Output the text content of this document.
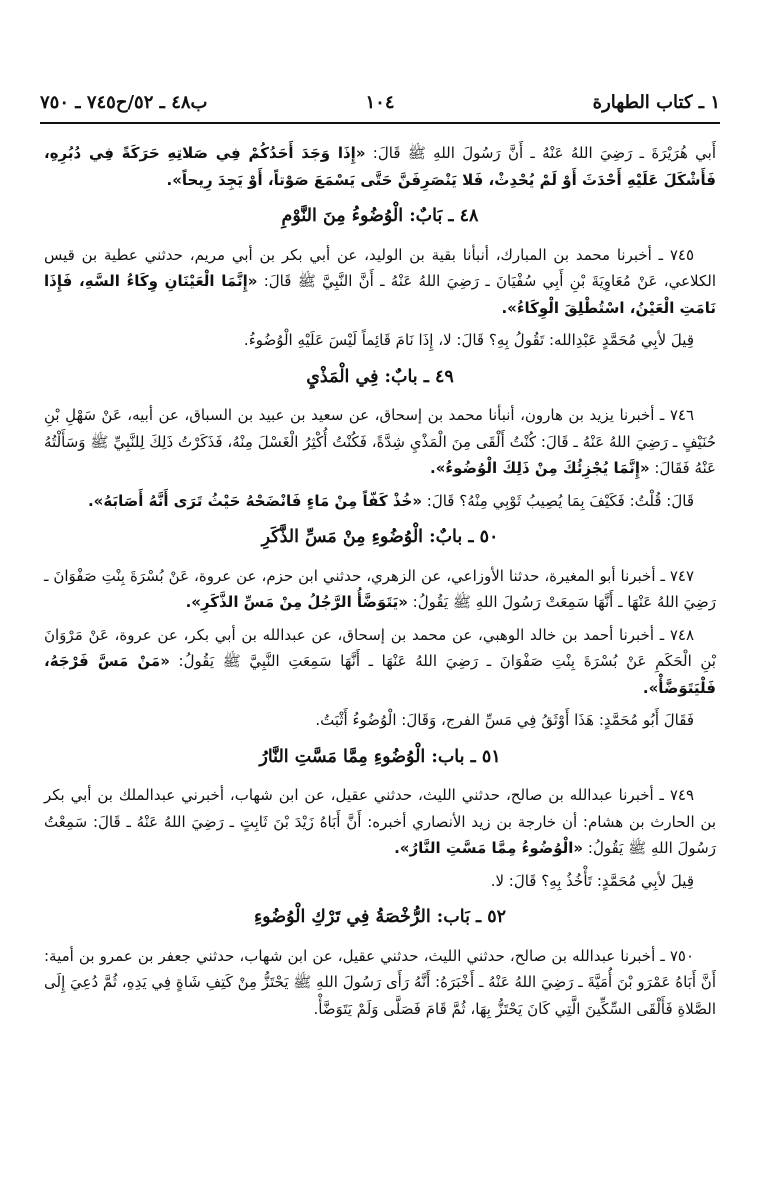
١ ـ كتاب الطهارة
١٠٤
ب٤٨ ـ ٥٢/ح٧٤٥ ـ ٧٥٠

أَبي هُرَيْرَةَ ـ رَضِيَ اللهُ عَنْهُ ـ أَنَّ رَسُولَ اللهِ ﷺ قَالَ: «إِذَا وَجَدَ أَحَدُكُمْ فِي صَلاتِهِ حَرَكَةً فِي دُبُرِهِ، فَأَشْكَلَ عَلَيْهِ أَحْدَثَ أَوْ لَمْ يُحْدِثْ، فَلا يَنْصَرِفَنَّ حَتَّى يَسْمَعَ صَوْتاً، أَوْ يَجِدَ رِيحاً».

٤٨ ـ بَابٌ: الْوُضُوءُ مِنَ النَّوْمِ

٧٤٥ ـ أخبرنا محمد بن المبارك، أنبأنا بقية بن الوليد، عن أبي بكر بن أبي مريم، حدثني عطية بن قيس الكلاعي، عَنْ مُعَاوِيَةَ بْنِ أَبِي سُفْيَانَ ـ رَضِيَ اللهُ عَنْهُ ـ أَنَّ النَّبِيَّ ﷺ قَالَ: «إِنَّمَا الْعَيْنَانِ وِكَاءُ السَّهِ، فَإِذَا نَامَتِ الْعَيْنُ، اسْتُطْلِقَ الْوِكَاءُ».

قِيلَ لأبِي مُحَمَّدٍ عَبْدِالله: تَقُولُ بِهِ؟ قَالَ: لا، إِذَا نَامَ قَائِماً لَيْسَ عَلَيْهِ الْوُضُوءُ.

٤٩ ـ بابٌ: فِي الْمَذْيِ

٧٤٦ ـ أخبرنا يزيد بن هارون، أنبأنا محمد بن إسحاق، عن سعيد بن عبيد بن السباق، عن أبيه، عَنْ سَهْلِ بْنِ حُنَيْفٍ ـ رَضِيَ اللهُ عَنْهُ ـ قَالَ: كُنْتُ أَلْقَى مِنَ الْمَذْيِ شِدَّةً، فَكُنْتُ أُكْثِرُ الْغَسْلَ مِنْهُ، فَذَكَرْتُ ذَلِكَ لِلنَّبِيِّ ﷺ وَسَأَلْتُهُ عَنْهُ فَقَالَ: «إِنَّمَا يُجْزِئُكَ مِنْ ذَلِكَ الْوُضُوءُ».

قَالَ: قُلْتُ: فَكَيْفَ بِمَا يُصِيبُ ثَوْبِي مِنْهُ؟ قَالَ: «خُذْ كَفّاً مِنْ مَاءٍ فَانْضَحْهُ حَيْثُ تَرَى أَنَّهُ أَصَابَهُ».

٥٠ ـ بابٌ: الْوُضُوءِ مِنْ مَسِّ الذَّكَرِ

٧٤٧ ـ أخبرنا أبو المغيرة، حدثنا الأوزاعي، عن الزهري، حدثني ابن حزم، عن عروة، عَنْ بُسْرَةَ بِنْتِ صَفْوَانَ ـ رَضِيَ اللهُ عَنْهَا ـ أَنَّهَا سَمِعَتْ رَسُولَ اللهِ ﷺ يَقُولُ: «يَتَوَضَّأُ الرَّجُلُ مِنْ مَسِّ الذَّكَرِ».

٧٤٨ ـ أخبرنا أحمد بن خالد الوهبي، عن محمد بن إسحاق، عن عبدالله بن أبي بكر، عن عروة، عَنْ مَرْوَانَ بْنِ الْحَكَمِ عَنْ بُسْرَةَ بِنْتِ صَفْوَانَ ـ رَضِيَ اللهُ عَنْهَا ـ أَنَّهَا سَمِعَتِ النَّبِيَّ ﷺ يَقُولُ: «مَنْ مَسَّ فَرْجَهُ، فَلْيَتَوَضَّأْ».

فَقَالَ أَبُو مُحَمَّدٍ: هَذَا أَوْثَقُ فِي مَسِّ الفرج، وَقَالَ: الْوُضُوءُ أَثْبَتُ.

٥١ ـ باب: الْوُضُوءِ مِمَّا مَسَّتِ النَّارُ

٧٤٩ ـ أخبرنا عبدالله بن صالح، حدثني الليث، حدثني عقيل، عن ابن شهاب، أخبرني عبدالملك بن أبي بكر بن الحارث بن هشام: أن خارجة بن زيد الأنصاري أخبره: أَنَّ أَبَاهُ زَيْدَ بْنَ ثَابِتٍ ـ رَضِيَ اللهُ عَنْهُ ـ قَالَ: سَمِعْتُ رَسُولَ اللهِ ﷺ يَقُولُ: «الْوُضُوءُ مِمَّا مَسَّتِ النَّارُ».

قِيلَ لأبِي مُحَمَّدٍ: تَأْخُذُ بِهِ؟ قَالَ: لا.

٥٢ ـ بَاب: الرُّخْصَةُ فِي تَرْكِ الْوُضُوءِ

٧٥٠ ـ أخبرنا عبدالله بن صالح، حدثني الليث، حدثني عقيل، عن ابن شهاب، حدثني جعفر بن عمرو بن أمية: أَنَّ أَبَاهُ عَمْرَو بْنَ أُمَيَّةَ ـ رَضِيَ اللهُ عَنْهُ ـ أَخْبَرَهُ: أَنَّهُ رَأَى رَسُولَ اللهِ ﷺ يَحْتَزُّ مِنْ كَتِفِ شَاةٍ فِي يَدِهِ، ثُمَّ دُعِيَ إِلَى الصَّلاةِ فَأَلْقَى السِّكِّينَ الَّتِي كَانَ يَحْتَزُّ بِهَا، ثُمَّ قَامَ فَصَلَّى وَلَمْ يَتَوَضَّأْ.
